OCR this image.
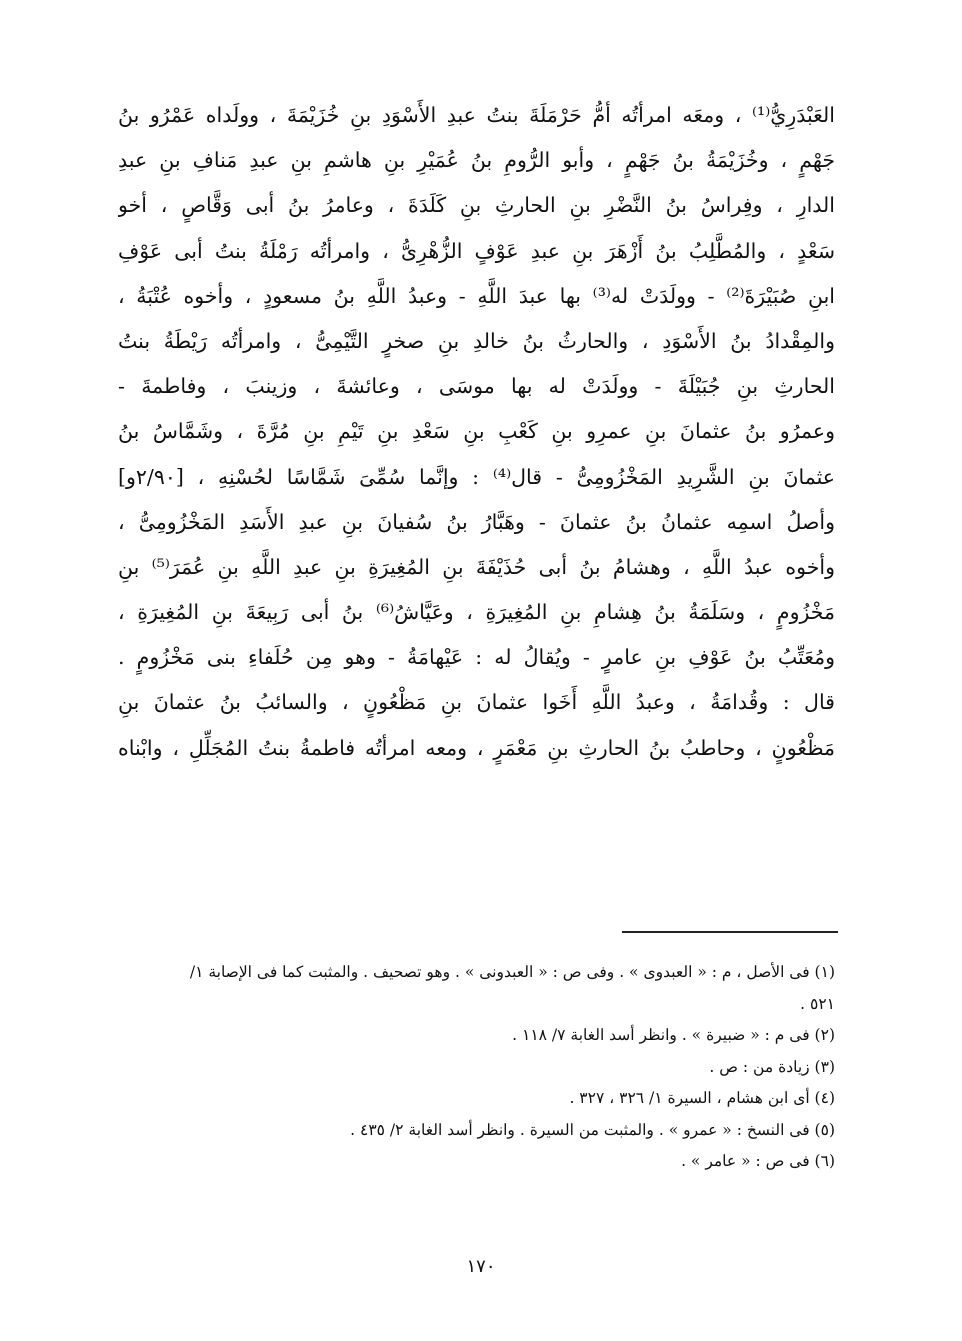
العَبْدَرِيُّ⁽¹⁾ ، ومعَه امرأتُه أمُّ حَرْمَلَةَ بنتُ عبدِ الأَسْوَدِ بنِ خُزَيْمَةَ ، وولَداه عَمْرُو بنُ
جَهْمٍ ، وخُزَيْمَةُ بنُ جَهْمٍ ، وأبو الرُّومِ بنُ عُمَيْرِ بنِ هاشمِ بنِ عبدِ مَنافِ بنِ عبدِ
الدارِ ، وفِراسُ بنُ النَّضْرِ بنِ الحارثِ بنِ كَلَدَةَ ، وعامرُ بنُ أبى وَقَّاصٍ ، أخو
سَعْدٍ ، والمُطَّلِبُ بنُ أَزْهَرَ بنِ عبدِ عَوْفٍ الزُّهْرِىُّ ، وامرأتُه رَمْلَةُ بنتُ أبى عَوْفِ
ابنِ صُبَيْرَةَ⁽²⁾ - وولَدَتْ له⁽³⁾ بها عبدَ اللَّهِ - وعبدُ اللَّهِ بنُ مسعودٍ ، وأخوه عُتْبَةُ ،
والمِقْدادُ بنُ الأَسْوَدِ ، والحارثُ بنُ خالدِ بنِ صخرٍ التَّيْمِىُّ ، وامرأتُه رَيْطَةُ بنتُ
الحارثِ بنِ جُبَيْلَةَ - وولَدَتْ له بها موسَى ، وعائشةَ ، وزينبَ ، وفاطمةَ -
وعمرُو بنُ عثمانَ بنِ عمرِو بنِ كَعْبِ بنِ سَعْدِ بنِ تَيْمِ بنِ مُرَّةَ ، وشَمَّاسُ بنُ
عثمانَ بنِ الشَّرِيدِ المَخْزُومِىُّ - قال⁽⁴⁾ : وإنَّما سُمِّىَ شَمَّاسًا لحُسْنِهِ ، [٢/٩٠و]
وأصلُ اسمِه عثمانُ بنُ عثمانَ - وهَبَّارُ بنُ سُفيانَ بنِ عبدِ الأَسَدِ المَخْزُومِىُّ ،
وأخوه عبدُ اللَّهِ ، وهشامُ بنُ أبى حُذَيْفَةَ بنِ المُغِيرَةِ بنِ عبدِ اللَّهِ بنِ عُمَرَ⁽⁵⁾ بنِ
مَخْزُومٍ ، وسَلَمَةُ بنُ هِشامِ بنِ المُغِيرَةِ ، وعَيَّاشُ⁽⁶⁾ بنُ أبى رَبِيعَةَ بنِ المُغِيرَةِ ،
ومُعَتِّبُ بنُ عَوْفِ بنِ عامرٍ - ويُقالُ له : عَيْهامَةُ - وهو مِن حُلَفاءِ بنى مَخْزُومٍ .
قال : وقُدامَةُ ، وعبدُ اللَّهِ أَخَوا عثمانَ بنِ مَظْعُونٍ ، والسائبُ بنُ عثمانَ بنِ
مَظْعُونٍ ، وحاطبُ بنُ الحارثِ بنِ مَعْمَرٍ ، ومعه امرأتُه فاطمةُ بنتُ المُجَلِّلِ ، وابْناه
(١) فى الأصل ، م : « العبدوى » . وفى ص : « العبدونى » . وهو تصحيف . والمثبت كما فى الإصابة ١/
٥٢١ .
(٢) فى م : « ضبيرة » . وانظر أسد الغابة ٧/ ١١٨ .
(٣) زيادة من : ص .
(٤) أى ابن هشام ، السيرة ١/ ٣٢٦ ، ٣٢٧ .
(٥) فى النسخ : « عمرو » . والمثبت من السيرة . وانظر أسد الغابة ٢/ ٤٣٥ .
(٦) فى ص : « عامر » .
١٧٠
